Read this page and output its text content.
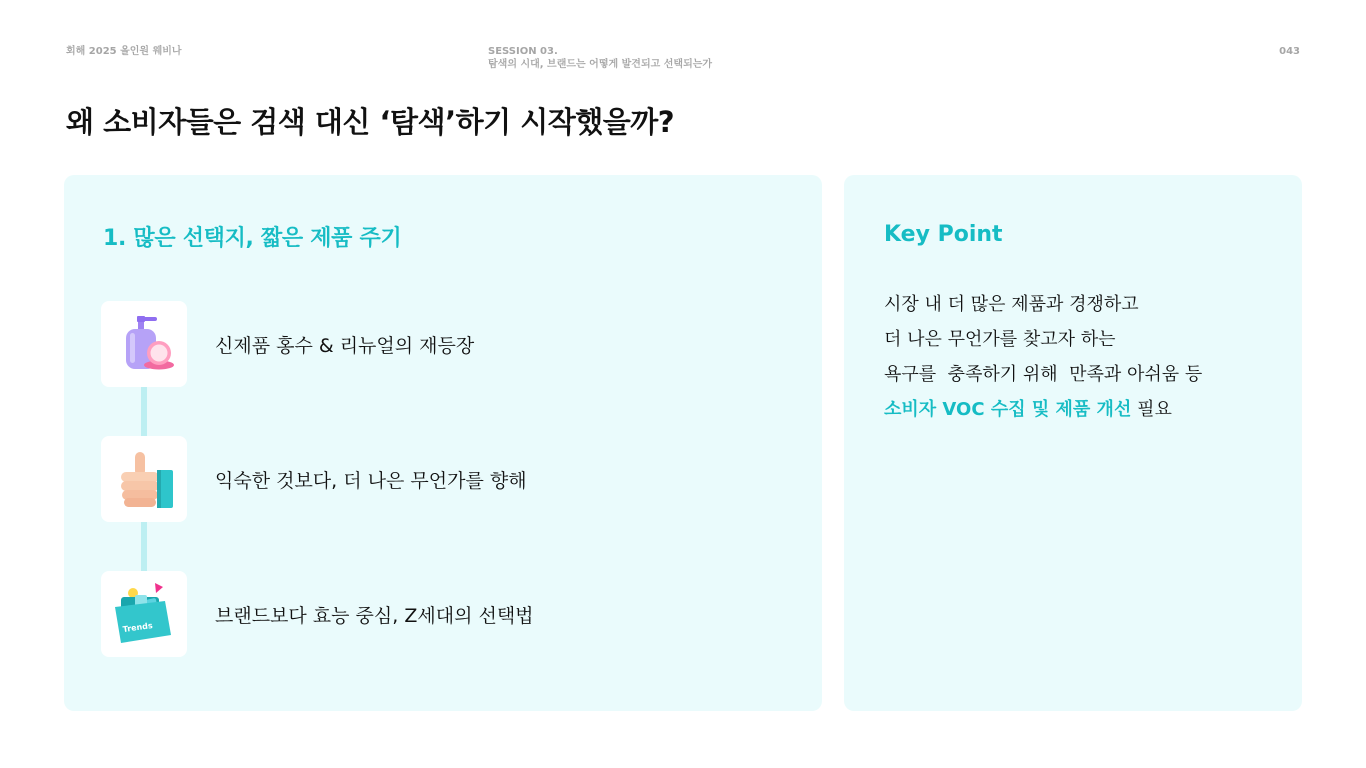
회해 2025 올인원 웨비나	SESSION 03.
탐색의 시대, 브랜드는 어떻게 발견되고 선택되는가
043
왜 소비자들은 검색 대신 ‘탐색’하기 시작했을까?
1. 많은 선택지, 짧은 제품 주기
신제품 홍수 & 리뉴얼의 재등장
익숙한 것보다, 더 나은 무언가를 향해
Trends
브랜드보다 효능 중심, Z세대의 선택법
Key Point
시장 내 더 많은 제품과 경쟁하고
더 나은 무언가를 찾고자 하는
욕구를  충족하기 위해  만족과 아쉬움 등
소비자 VOC 수집 및 제품 개선 필요
